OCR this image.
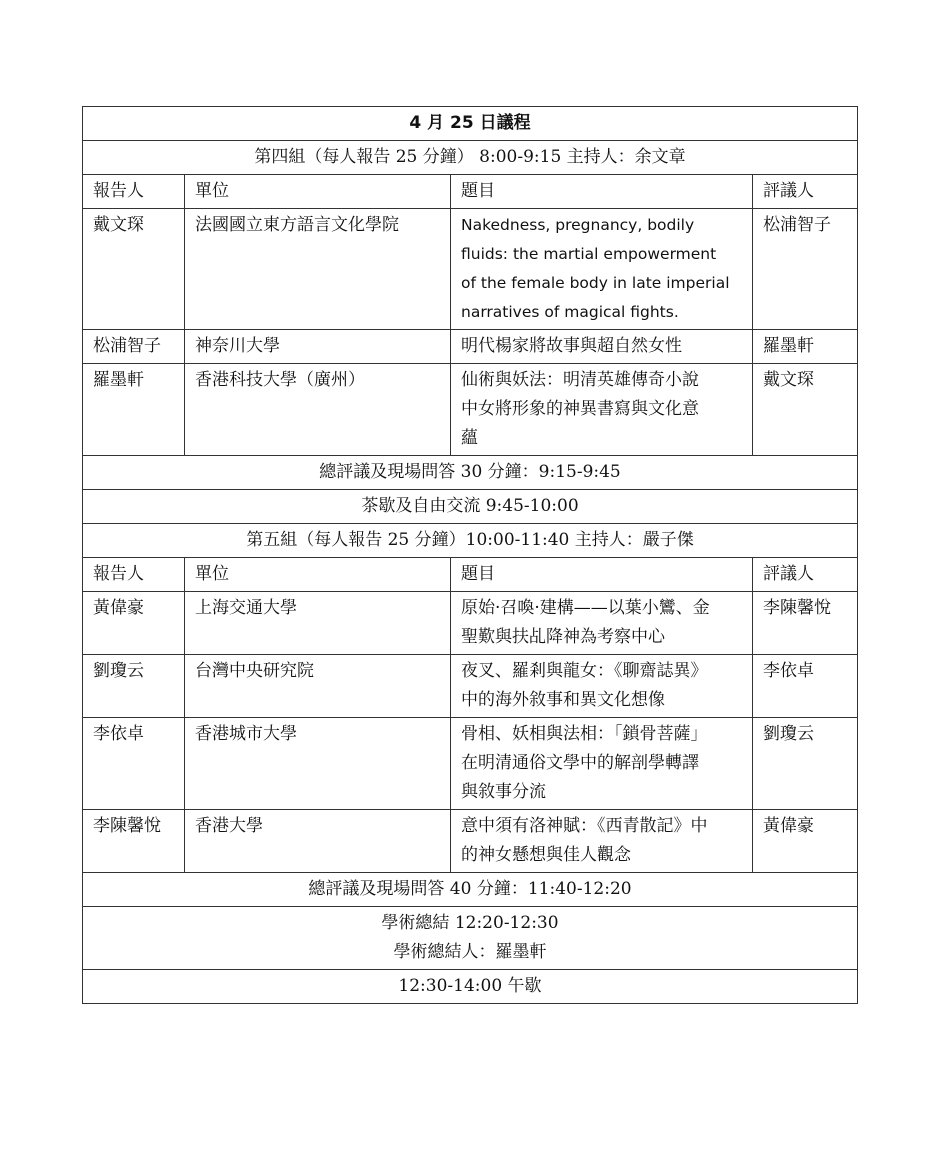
4 月 25 日議程			
第四組（每人報告 25 分鐘） 8:00-9:15 主持人：余文章			
報告人	單位	題目	評議人
戴文琛	法國國立東方語言文化學院	Nakedness, pregnancy, bodily
fluids: the martial empowerment
of the female body in late imperial
narratives of magical fights.	松浦智子
松浦智子	神奈川大學	明代楊家將故事與超自然女性	羅墨軒
羅墨軒	香港科技大學（廣州）	仙術與妖法：明清英雄傳奇小說
中女將形象的神異書寫與文化意
蘊	戴文琛
總評議及現場問答 30 分鐘：9:15-9:45			
茶歇及自由交流 9:45-10:00			
第五組（每人報告 25 分鐘）10:00-11:40 主持人：嚴子傑			
報告人	單位	題目	評議人
黃偉豪	上海交通大學	原始·召喚·建構——以葉小鸞、金
聖歎與扶乩降神為考察中心	李陳馨悅
劉瓊云	台灣中央研究院	夜叉、羅剎與龍女：《聊齋誌異》
中的海外敘事和異文化想像	李依卓
李依卓	香港城市大學	骨相、妖相與法相：「鎖骨菩薩」
在明清通俗文學中的解剖學轉譯
與敘事分流	劉瓊云
李陳馨悅	香港大學	意中須有洛神賦：《西青散記》中
的神女懸想與佳人觀念	黃偉豪
總評議及現場問答 40 分鐘：11:40-12:20			

學術總結 12:20-12:30
學術總結人：羅墨軒			

12:30-14:00 午歇			
